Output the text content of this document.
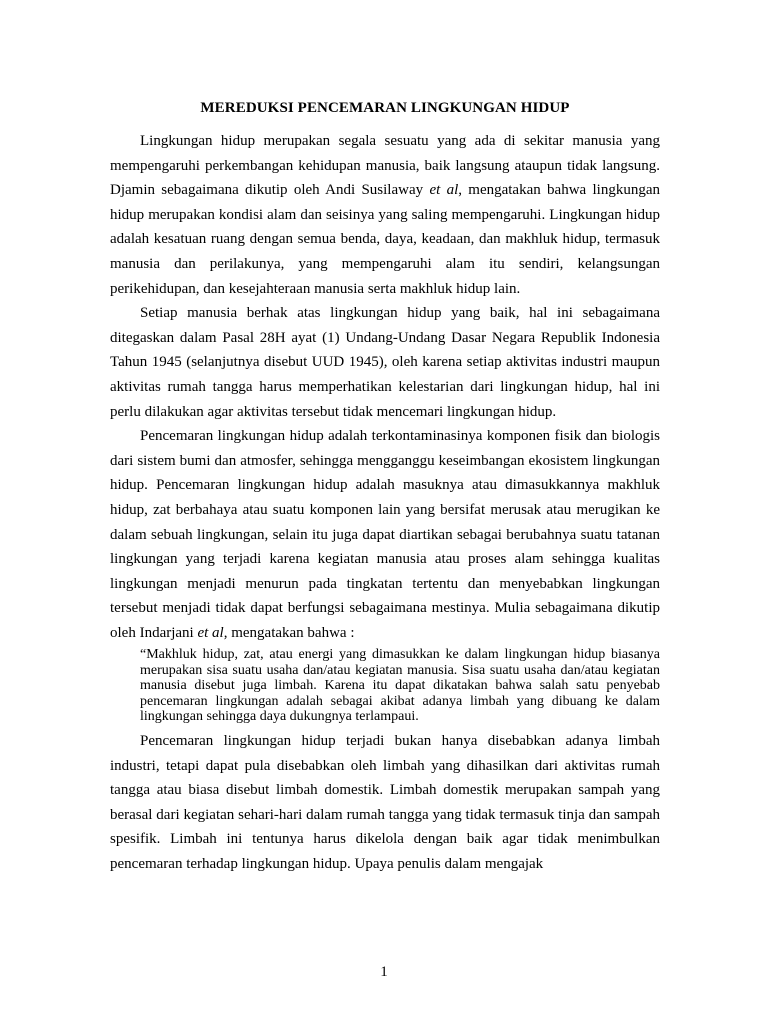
MEREDUKSI PENCEMARAN LINGKUNGAN HIDUP

Lingkungan hidup merupakan segala sesuatu yang ada di sekitar manusia yang mempengaruhi perkembangan kehidupan manusia, baik langsung ataupun tidak langsung. Djamin sebagaimana dikutip oleh Andi Susilaway et al, mengatakan bahwa lingkungan hidup merupakan kondisi alam dan seisinya yang saling mempengaruhi. Lingkungan hidup adalah kesatuan ruang dengan semua benda, daya, keadaan, dan makhluk hidup, termasuk manusia dan perilakunya, yang mempengaruhi alam itu sendiri, kelangsungan perikehidupan, dan kesejahteraan manusia serta makhluk hidup lain.

Setiap manusia berhak atas lingkungan hidup yang baik, hal ini sebagaimana ditegaskan dalam Pasal 28H ayat (1) Undang-Undang Dasar Negara Republik Indonesia Tahun 1945 (selanjutnya disebut UUD 1945), oleh karena setiap aktivitas industri maupun aktivitas rumah tangga harus memperhatikan kelestarian dari lingkungan hidup, hal ini perlu dilakukan agar aktivitas tersebut tidak mencemari lingkungan hidup.

Pencemaran lingkungan hidup adalah terkontaminasinya komponen fisik dan biologis dari sistem bumi dan atmosfer, sehingga mengganggu keseimbangan ekosistem lingkungan hidup. Pencemaran lingkungan hidup adalah masuknya atau dimasukkannya makhluk hidup, zat berbahaya atau suatu komponen lain yang bersifat merusak atau merugikan ke dalam sebuah lingkungan, selain itu juga dapat diartikan sebagai berubahnya suatu tatanan lingkungan yang terjadi karena kegiatan manusia atau proses alam sehingga kualitas lingkungan menjadi menurun pada tingkatan tertentu dan menyebabkan lingkungan tersebut menjadi tidak dapat berfungsi sebagaimana mestinya. Mulia sebagaimana dikutip oleh Indarjani et al, mengatakan bahwa :

“Makhluk hidup, zat, atau energi yang dimasukkan ke dalam lingkungan hidup biasanya merupakan sisa suatu usaha dan/atau kegiatan manusia. Sisa suatu usaha dan/atau kegiatan manusia disebut juga limbah. Karena itu dapat dikatakan bahwa salah satu penyebab pencemaran lingkungan adalah sebagai akibat adanya limbah yang dibuang ke dalam lingkungan sehingga daya dukungnya terlampaui.

Pencemaran lingkungan hidup terjadi bukan hanya disebabkan adanya limbah industri, tetapi dapat pula disebabkan oleh limbah yang dihasilkan dari aktivitas rumah tangga atau biasa disebut limbah domestik. Limbah domestik merupakan sampah yang berasal dari kegiatan sehari-hari dalam rumah tangga yang tidak termasuk tinja dan sampah spesifik. Limbah ini tentunya harus dikelola dengan baik agar tidak menimbulkan pencemaran terhadap lingkungan hidup. Upaya penulis dalam mengajak

1
